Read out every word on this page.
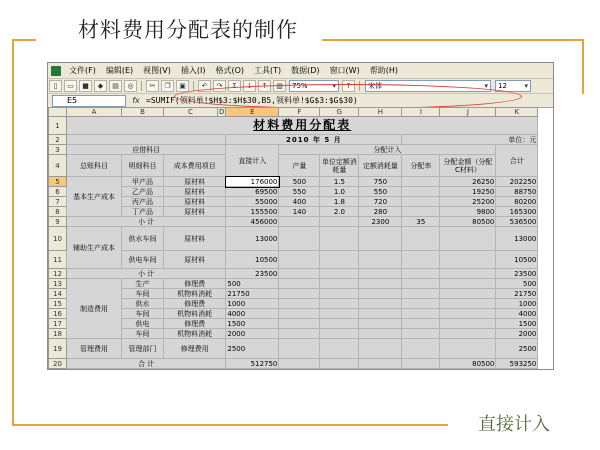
材料费用分配表的制作
直接计入
文件(F)	编辑(E)	视图(V)	插入(I)	格式(O)	工具(T)	数据(D)	窗口(W)	帮助(H)
▯	▭	■	◆	▤	◎	✂	❐	▣	↶	↷	Σ	↓	↑	▥	75%	▾	?	宋体	▾ 12	▾
E5	fx =SUMIF(领料单!$H$3:$H$30,B5,领料单!$G$3:$G$30)
	A	B	C	D	E	F	G	H	I	J	K
1	材料费用分配表										
2					2010 年 5 月				单位：元		
3	应借科目				直接计入	分配计入					合计
4	总账科目	明细科目	成本费用项目			产量	单位定额消耗量	定额消耗量	分配率	分配金额（分配C材料）	
5	基本生产成本	甲产品	原材料		176000	500	1.5	750		26250	202250
6		乙产品	原材料		69500	550	1.0	550		19250	88750
7		丙产品	原材料		55000	400	1.8	720		25200	80200
8		丁产品	原材料		155500	140	2.0	280		9800	165300
9	小 计				456000			2300	35	80500	536500
10	辅助生产成本	供水车间	原材料		13000						13000
11		供电车间	原材料		10500						10500
12	小 计				23500						23500
13	制造费用	生产	修理费		500						500
14		车间	机物料消耗		21750						21750
15		供水	修理费		1000						1000
16		车间	机物料消耗		4000						4000
17		供电	修理费		1500						1500
18		车间	机物料消耗		2000						2000
19	管理费用	管理部门	修理费用		2500						2500
20	合 计				512750					80500	593250
